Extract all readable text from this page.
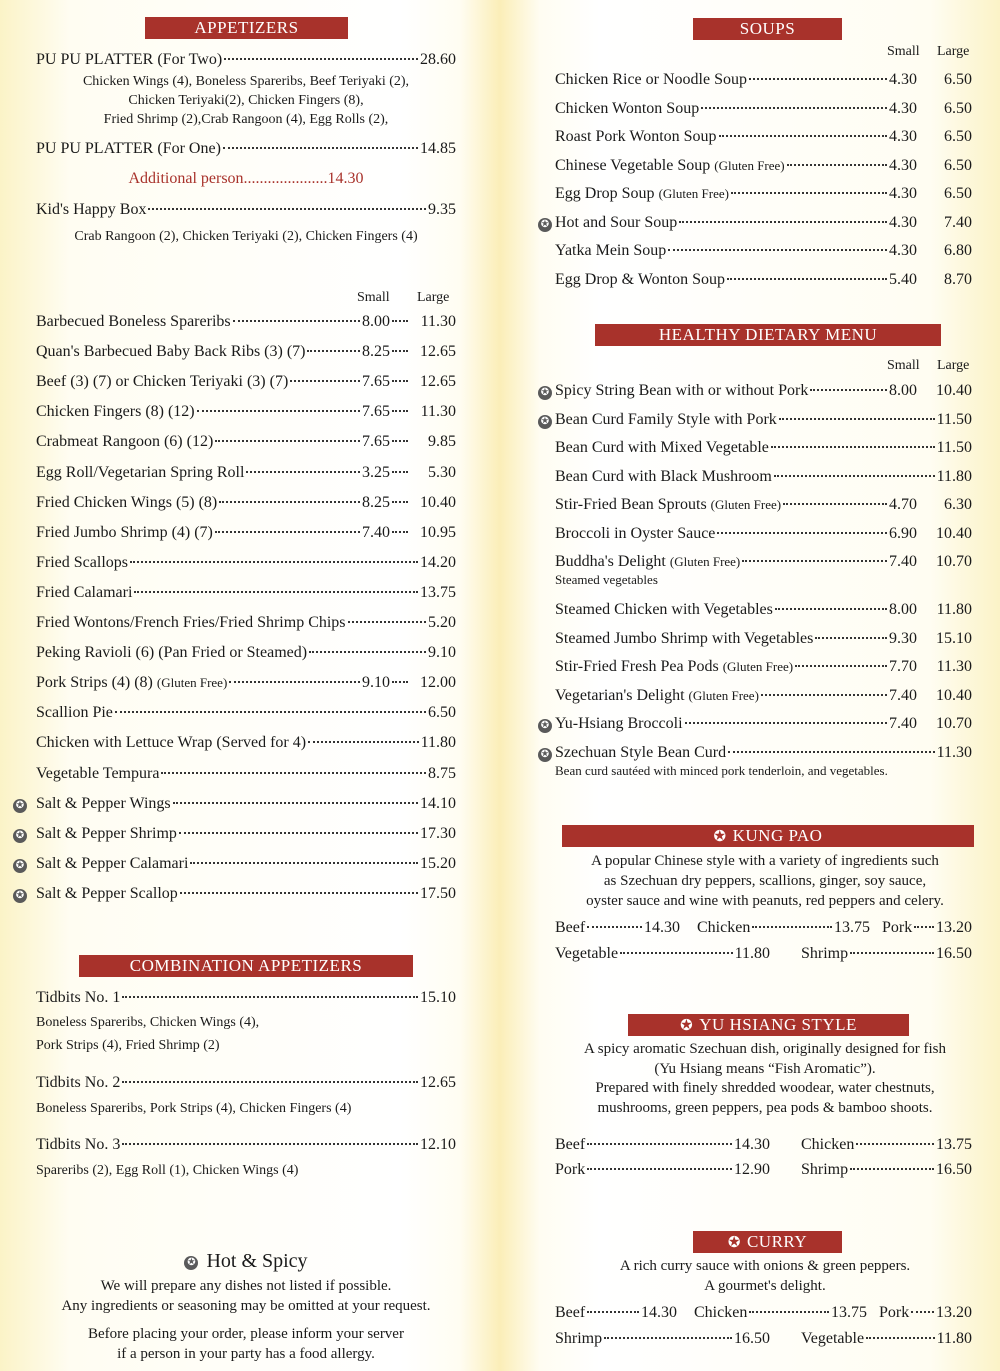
APPETIZERS
PU PU PLATTER (For Two)	28.60
Chicken Wings (4), Boneless Spareribs, Beef Teriyaki (2),
Chicken Teriyaki(2), Chicken Fingers (8),
Fried Shrimp (2),Crab Rangoon (4), Egg Rolls (2),
PU PU PLATTER (For One)	14.85
Additional person.....................14.30
Kid's Happy Box	9.35
Crab Rangoon (2), Chicken Teriyaki (2), Chicken Fingers (4)
Small Large
Barbecued Boneless Spareribs	8.00	11.30
Quan's Barbecued Baby Back Ribs (3) (7)	8.25	12.65
Beef (3) (7) or Chicken Teriyaki (3) (7)	7.65	12.65
Chicken Fingers (8) (12)	7.65	11.30
Crabmeat Rangoon (6) (12)	7.65	9.85
Egg Roll/Vegetarian Spring Roll	3.25	5.30
Fried Chicken Wings (5) (8)	8.25	10.40
Fried Jumbo Shrimp (4) (7)	7.40	10.95
Fried Scallops	14.20
Fried Calamari	13.75
Fried Wontons/French Fries/Fried Shrimp Chips	5.20
Peking Ravioli (6) (Pan Fried or Steamed)	9.10
Pork Strips (4) (8) (Gluten Free)	9.10	12.00
Scallion Pie	6.50
Chicken with Lettuce Wrap (Served for 4)	11.80
Vegetable Tempura	8.75
Salt & Pepper Wings	14.10
✪
Salt & Pepper Shrimp	17.30
✪
Salt & Pepper Calamari	15.20
✪
Salt & Pepper Scallop	17.50
✪
COMBINATION APPETIZERS
Tidbits No. 1	15.10
Boneless Spareribs, Chicken Wings (4),
Pork Strips (4), Fried Shrimp (2)
Tidbits No. 2	12.65
Boneless Spareribs, Pork Strips (4), Chicken Fingers (4)
Tidbits No. 3	12.10
Spareribs (2), Egg Roll (1), Chicken Wings (4)
✪ Hot & Spicy
We will prepare any dishes not listed if possible.
Any ingredients or seasoning may be omitted at your request.
Before placing your order, please inform your server
if a person in your party has a food allergy.
SOUPS
Small Large
Chicken Rice or Noodle Soup	4.30	6.50
Chicken Wonton Soup	4.30	6.50
Roast Pork Wonton Soup	4.30	6.50
Chinese Vegetable Soup (Gluten Free)	4.30	6.50
Egg Drop Soup (Gluten Free)	4.30	6.50
Hot and Sour Soup	4.30	7.40
✪
Yatka Mein Soup	4.30	6.80
Egg Drop & Wonton Soup	5.40	8.70
HEALTHY DIETARY MENU
Small Large
Spicy String Bean with or without Pork	8.00	10.40
✪
Bean Curd Family Style with Pork	11.50
✪
Bean Curd with Mixed Vegetable	11.50
Bean Curd with Black Mushroom	11.80
Stir-Fried Bean Sprouts (Gluten Free)	4.70	6.30
Broccoli in Oyster Sauce	6.90	10.40
Buddha's Delight (Gluten Free)	7.40	10.70
Steamed vegetables
Steamed Chicken with Vegetables	8.00	11.80
Steamed Jumbo Shrimp with Vegetables	9.30	15.10
Stir-Fried Fresh Pea Pods (Gluten Free)	7.70	11.30
Vegetarian's Delight (Gluten Free)	7.40	10.40
Yu-Hsiang Broccoli	7.40	10.70
✪
Szechuan Style Bean Curd	11.30
✪
Bean curd sautéed with minced pork tenderloin, and vegetables.
✪ KUNG PAO
A popular Chinese style with a variety of ingredients such
as Szechuan dry peppers, scallions, ginger, soy sauce,
oyster sauce and wine with peanuts, red peppers and celery.
Beef	14.30 Chicken	13.75 Pork 13.20
Vegetable	11.80 Shrimp	16.50
✪ YU HSIANG STYLE
A spicy aromatic Szechuan dish, originally designed for fish
(Yu Hsiang means “Fish Aromatic”).
Prepared with finely shredded woodear, water chestnuts,
mushrooms, green peppers, pea pods & bamboo shoots.
Beef	14.30 Chicken	13.75
Pork	12.90 Shrimp	16.50
✪ CURRY
A rich curry sauce with onions & green peppers.
A gourmet's delight.
Beef	14.30 Chicken	13.75 Pork 13.20
Shrimp	16.50 Vegetable	11.80
